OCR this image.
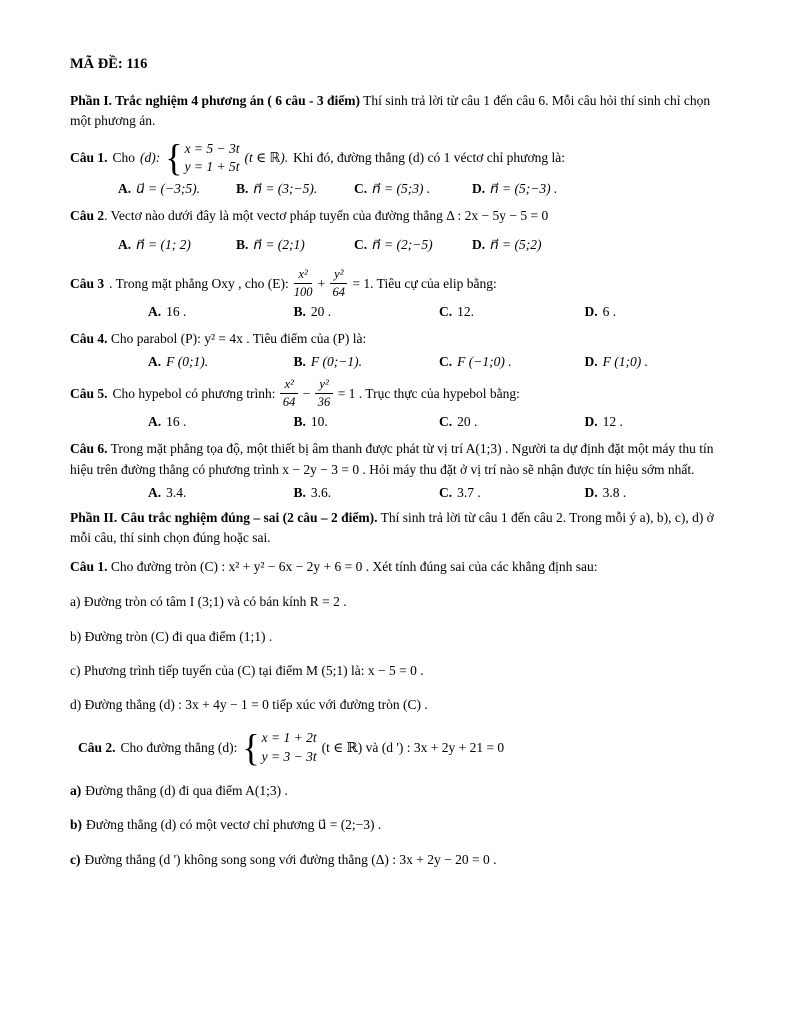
MÃ ĐỀ: 116

Phần I. Trắc nghiệm 4 phương án ( 6 câu - 3 điểm) Thí sinh trả lời từ câu 1 đến câu 6. Mỗi câu hỏi thí sinh chỉ chọn một phương án.

Câu 1. Cho (d):
{ x = 5 − 3t
y = 1 + 5t
(t ∈ ℝ). Khi đó, đường thẳng (d) có 1 véctơ chỉ phương là:
A. u⃗ = (−3;5).	B. n⃗ = (3;−5).	C. n⃗ = (5;3) .	D. n⃗ = (5;−3) .

Câu 2. Vectơ nào dưới đây là một vectơ pháp tuyến của đường thẳng Δ : 2x − 5y − 5 = 0

A. n⃗ = (1; 2)	B. n⃗ = (2;1)	C. n⃗ = (2;−5)	D. n⃗ = (5;2)
Câu 3 . Trong mặt phẳng Oxy , cho (E): $\frac{\text{x²}}{100} + \frac{\text{y²}}{64} = 1$. Tiêu cự của elip bằng:
A. 16 .	B. 20 .	C. 12.	D. 6 .

Câu 4. Cho parabol (P): y² = 4x . Tiêu điểm của (P) là:

A. F (0;1).	B. F (0;−1).	C. F (−1;0) .	D. F (1;0) .
Câu 5. Cho hypebol có phương trình: $\frac{\text{x²}}{64} - \frac{\text{y²}}{36} = 1$ . Trục thực của hypebol bằng:
A. 16 .	B. 10.	C. 20 .	D. 12 .

Câu 6. Trong mặt phẳng tọa độ, một thiết bị âm thanh được phát từ vị trí A(1;3) . Người ta dự định đặt một máy thu tín hiệu trên đường thẳng có phương trình x − 2y − 3 = 0 . Hỏi máy thu đặt ở vị trí nào sẽ nhận được tín hiệu sớm nhất.

A. 3.4.	B. 3.6.	C. 3.7 .	D. 3.8 .

Phần II. Câu trắc nghiệm đúng – sai (2 câu – 2 điểm). Thí sinh trả lời từ câu 1 đến câu 2. Trong mỗi ý a), b), c), d) ở mỗi câu, thí sinh chọn đúng hoặc sai.

Câu 1. Cho đường tròn (C) : x² + y² − 6x − 2y + 6 = 0 . Xét tính đúng sai của các khẳng định sau:

a) Đường tròn có tâm I (3;1) và có bán kính R = 2 .

b) Đường tròn (C) đi qua điểm (1;1) .

c) Phương trình tiếp tuyến của (C) tại điểm M (5;1) là: x − 5 = 0 .

d) Đường thẳng (d) : 3x + 4y − 1 = 0 tiếp xúc với đường tròn (C) .

Câu 2. Cho đường thẳng (d):
{ x = 1 + 2t
y = 3 − 3t
(t ∈ ℝ) và (d ') : 3x + 2y + 21 = 0

a) Đường thẳng (d) đi qua điểm A(1;3) .

b) Đường thẳng (d) có một vectơ chỉ phương u⃗ = (2;−3) .

c) Đường thẳng (d ') không song song với đường thẳng (Δ) : 3x + 2y − 20 = 0 .
